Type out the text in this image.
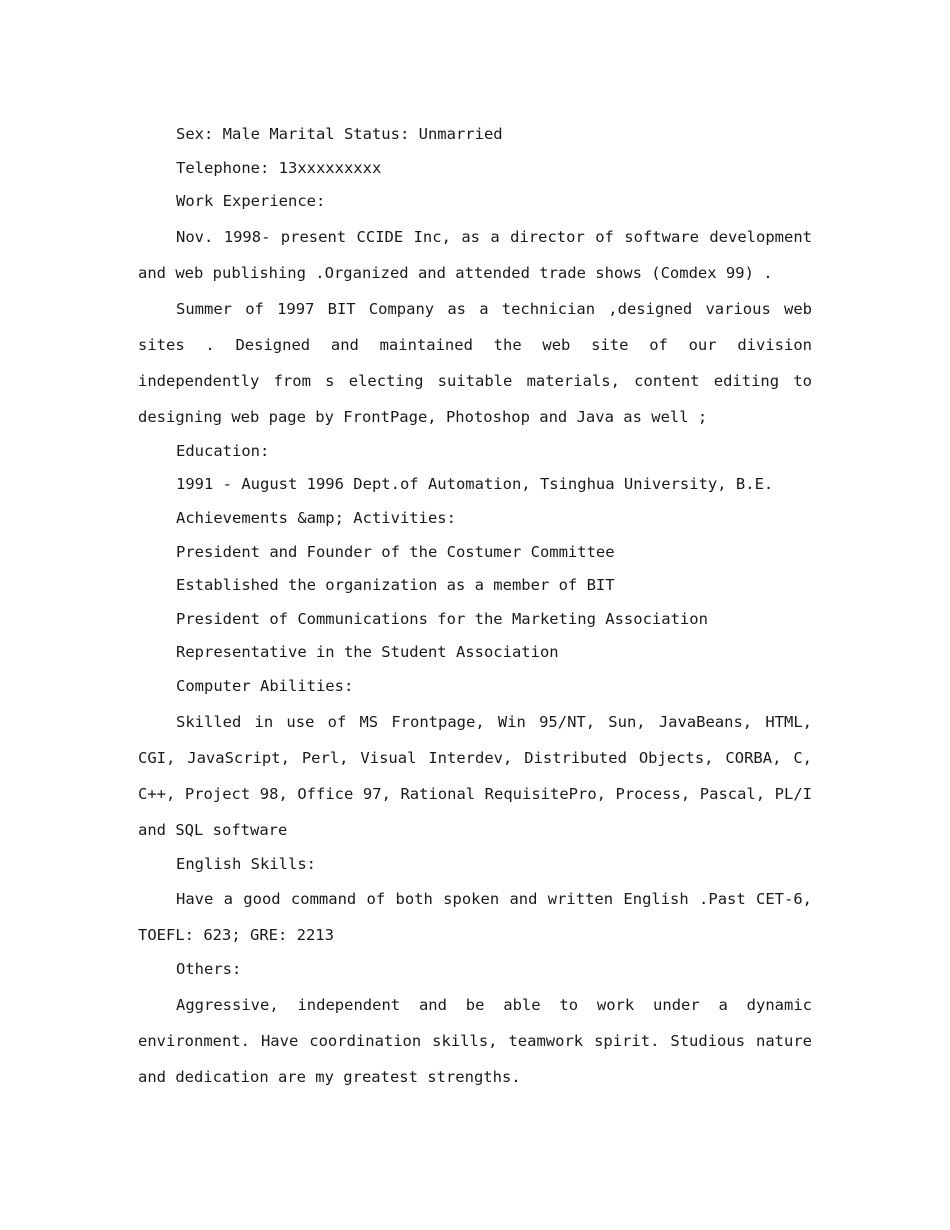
Sex: Male Marital Status: Unmarried

Telephone: 13xxxxxxxxx

Work Experience:

Nov. 1998- present CCIDE Inc, as a director of software development and web publishing .Organized and attended trade shows (Comdex 99) .

Summer of 1997 BIT Company as a technician ,designed various web sites . Designed and maintained the web site of our division independently from s electing suitable materials, content editing to designing web page by FrontPage, Photoshop and Java as well ;

Education:

1991 - August 1996 Dept.of Automation, Tsinghua University, B.E.

Achievements &amp; Activities:

President and Founder of the Costumer Committee

Established the organization as a member of BIT

President of Communications for the Marketing Association

Representative in the Student Association

Computer Abilities:

Skilled in use of MS Frontpage, Win 95/NT, Sun, JavaBeans, HTML, CGI, JavaScript, Perl, Visual Interdev, Distributed Objects, CORBA, C, C++, Project 98, Office 97, Rational RequisitePro, Process, Pascal, PL/I and SQL software

English Skills:

Have a good command of both spoken and written English .Past CET-6, TOEFL: 623; GRE: 2213

Others:

Aggressive, independent and be able to work under a dynamic environment. Have coordination skills, teamwork spirit. Studious nature and dedication are my greatest strengths.
